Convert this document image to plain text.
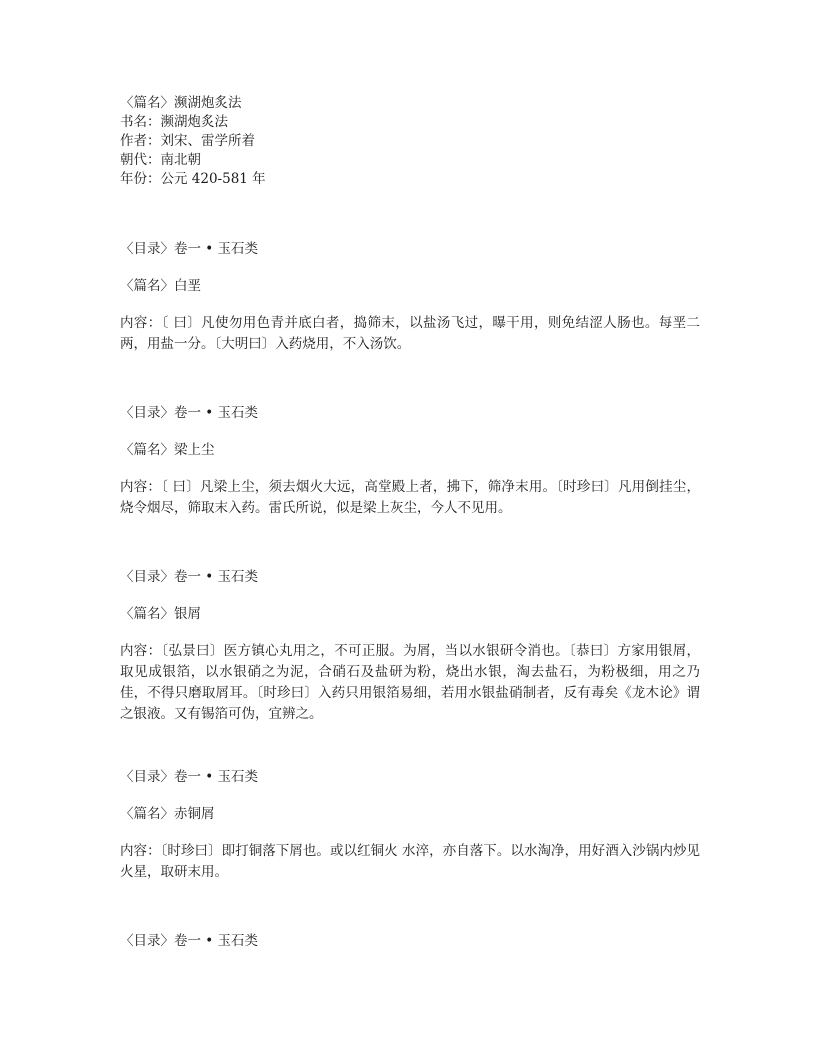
〈篇名〉濒湖炮炙法
书名：濒湖炮炙法
作者：刘宋、雷学所着
朝代：南北朝
年份：公元 420-581 年
〈目录〉卷一 • 玉石类
〈篇名〉白垩
内容：〔 曰〕凡使勿用色青并底白者，捣筛末，以盐汤飞过，曝干用，则免结涩人肠也。每垩二两，用盐一分。〔大明曰〕入药烧用，不入汤饮。
〈目录〉卷一 • 玉石类
〈篇名〉梁上尘
内容：〔 曰〕凡梁上尘，须去烟火大远，高堂殿上者，拂下，筛净末用。〔时珍曰〕凡用倒挂尘，烧令烟尽，筛取末入药。雷氏所说，似是梁上灰尘，今人不见用。
〈目录〉卷一 • 玉石类
〈篇名〉银屑
内容：〔弘景曰〕医方镇心丸用之，不可正服。为屑，当以水银研令消也。〔恭曰〕方家用银屑，取见成银箔，以水银硝之为泥，合硝石及盐研为粉，烧出水银，淘去盐石，为粉极细，用之乃佳，不得只磨取屑耳。〔时珍曰〕入药只用银箔易细，若用水银盐硝制者，反有毒矣《龙木论》谓之银液。又有锡箔可伪，宜辨之。
〈目录〉卷一 • 玉石类
〈篇名〉赤铜屑
内容：〔时珍曰〕即打铜落下屑也。或以红铜火 水淬，亦自落下。以水淘净，用好酒入沙锅内炒见火星，取研末用。
〈目录〉卷一 • 玉石类
